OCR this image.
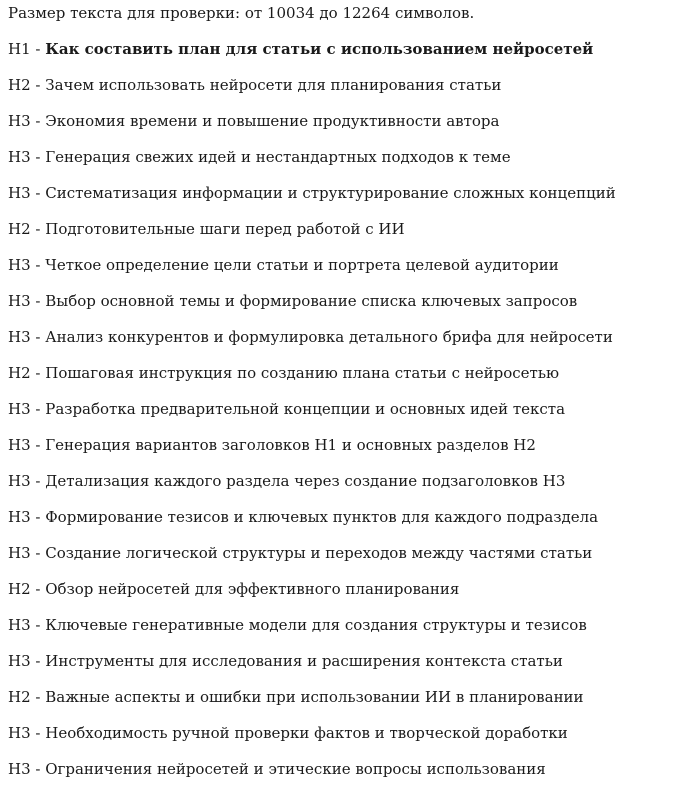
Размер текста для проверки: от 10034 до 12264 символов.

H1 - Как составить план для статьи с использованием нейросетей

H2 - Зачем использовать нейросети для планирования статьи

H3 - Экономия времени и повышение продуктивности автора

H3 - Генерация свежих идей и нестандартных подходов к теме

H3 - Систематизация информации и структурирование сложных концепций

H2 - Подготовительные шаги перед работой с ИИ

H3 - Четкое определение цели статьи и портрета целевой аудитории

H3 - Выбор основной темы и формирование списка ключевых запросов

H3 - Анализ конкурентов и формулировка детального брифа для нейросети

H2 - Пошаговая инструкция по созданию плана статьи с нейросетью

H3 - Разработка предварительной концепции и основных идей текста

H3 - Генерация вариантов заголовков H1 и основных разделов H2

H3 - Детализация каждого раздела через создание подзаголовков H3

H3 - Формирование тезисов и ключевых пунктов для каждого подраздела

H3 - Создание логической структуры и переходов между частями статьи

H2 - Обзор нейросетей для эффективного планирования

H3 - Ключевые генеративные модели для создания структуры и тезисов

H3 - Инструменты для исследования и расширения контекста статьи

H2 - Важные аспекты и ошибки при использовании ИИ в планировании

H3 - Необходимость ручной проверки фактов и творческой доработки

H3 - Ограничения нейросетей и этические вопросы использования
